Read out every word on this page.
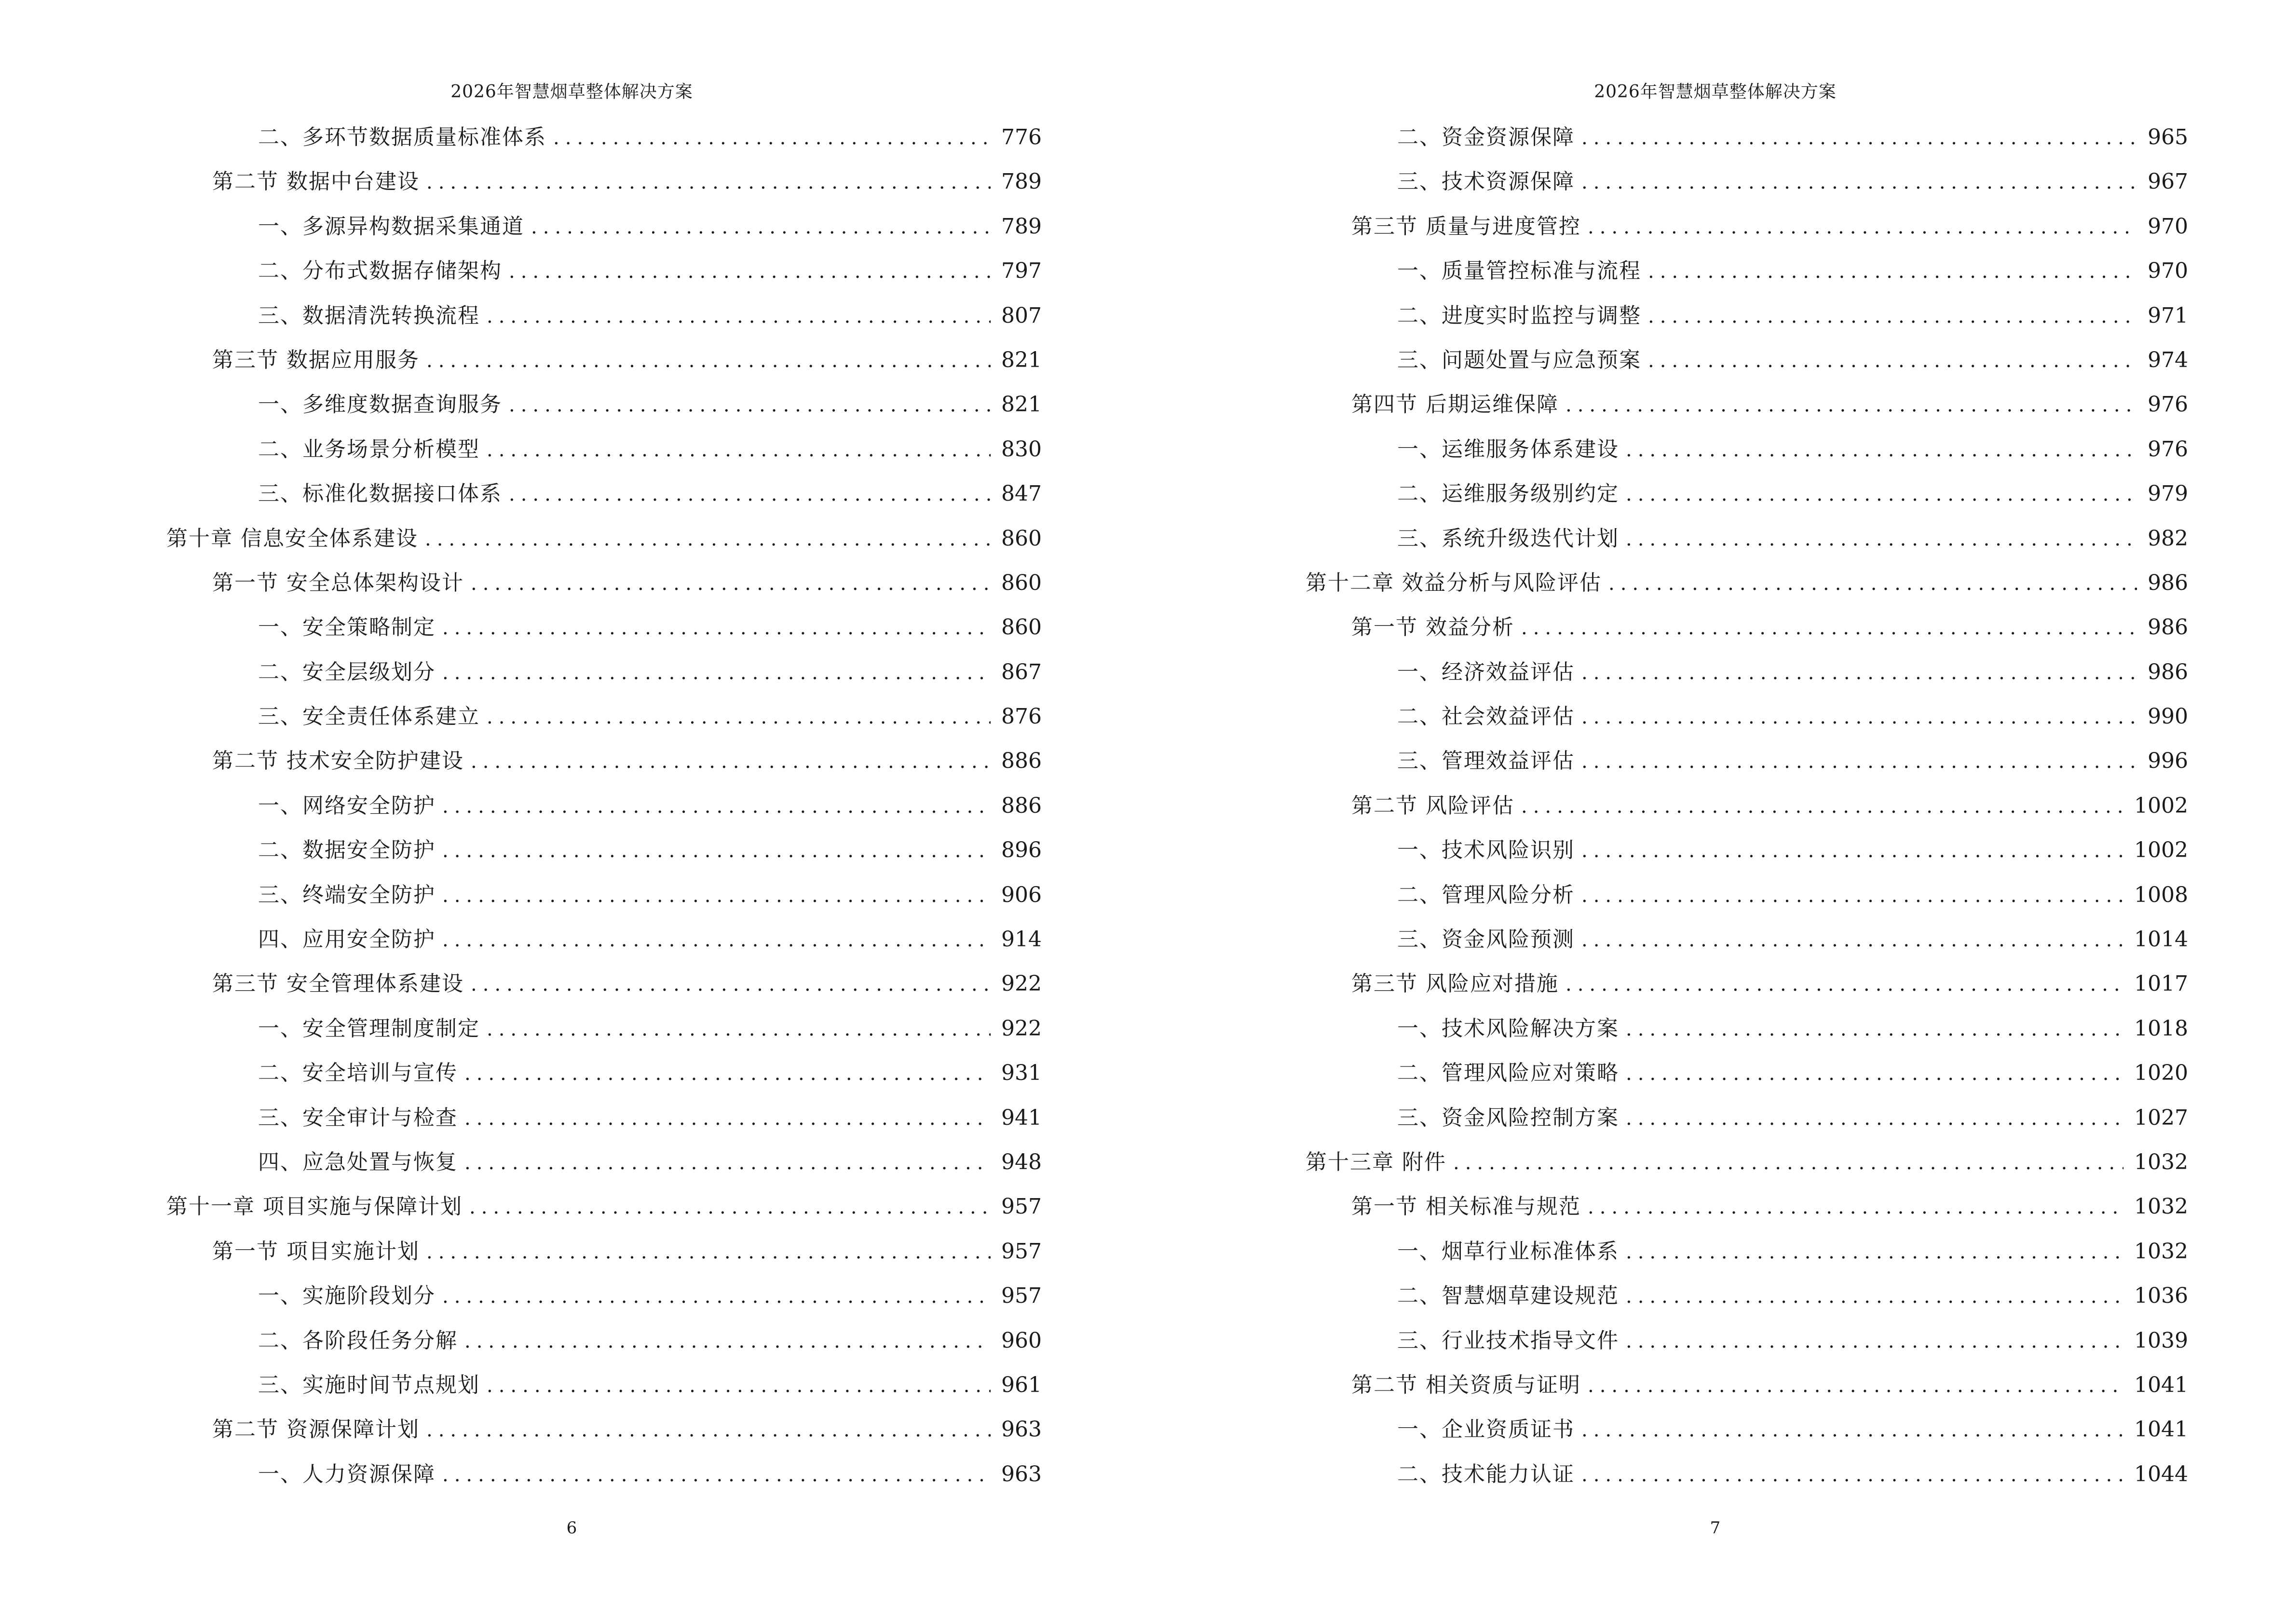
2026年智慧烟草整体解决方案
二、多环节数据质量标准体系 .....	776
第二节 数据中台建设 .....	789
一、多源异构数据采集通道 .....	789
二、分布式数据存储架构 .....	797
三、数据清洗转换流程 .....	807
第三节 数据应用服务 .....	821
一、多维度数据查询服务 .....	821
二、业务场景分析模型 .....	830
三、标准化数据接口体系 .....	847
第十章 信息安全体系建设 .....	860
第一节 安全总体架构设计 .....	860
一、安全策略制定 .....	860
二、安全层级划分 .....	867
三、安全责任体系建立 .....	876
第二节 技术安全防护建设 .....	886
一、网络安全防护 .....	886
二、数据安全防护 .....	896
三、终端安全防护 .....	906
四、应用安全防护 .....	914
第三节 安全管理体系建设 .....	922
一、安全管理制度制定 .....	922
二、安全培训与宣传 .....	931
三、安全审计与检查 .....	941
四、应急处置与恢复 .....	948
第十一章 项目实施与保障计划 .....	957
第一节 项目实施计划 .....	957
一、实施阶段划分 .....	957
二、各阶段任务分解 .....	960
三、实施时间节点规划 .....	961
第二节 资源保障计划 .....	963
一、人力资源保障 .....	963
6
2026年智慧烟草整体解决方案
二、资金资源保障 .....	965
三、技术资源保障 .....	967
第三节 质量与进度管控 .....	970
一、质量管控标准与流程 .....	970
二、进度实时监控与调整 .....	971
三、问题处置与应急预案 .....	974
第四节 后期运维保障 .....	976
一、运维服务体系建设 .....	976
二、运维服务级别约定 .....	979
三、系统升级迭代计划 .....	982
第十二章 效益分析与风险评估 .....	986
第一节 效益分析 .....	986
一、经济效益评估 .....	986
二、社会效益评估 .....	990
三、管理效益评估 .....	996
第二节 风险评估 .....	1002
一、技术风险识别 .....	1002
二、管理风险分析 .....	1008
三、资金风险预测 .....	1014
第三节 风险应对措施 .....	1017
一、技术风险解决方案 .....	1018
二、管理风险应对策略 .....	1020
三、资金风险控制方案 .....	1027
第十三章 附件 .....	1032
第一节 相关标准与规范 .....	1032
一、烟草行业标准体系 .....	1032
二、智慧烟草建设规范 .....	1036
三、行业技术指导文件 .....	1039
第二节 相关资质与证明 .....	1041
一、企业资质证书 .....	1041
二、技术能力认证 .....	1044
7
